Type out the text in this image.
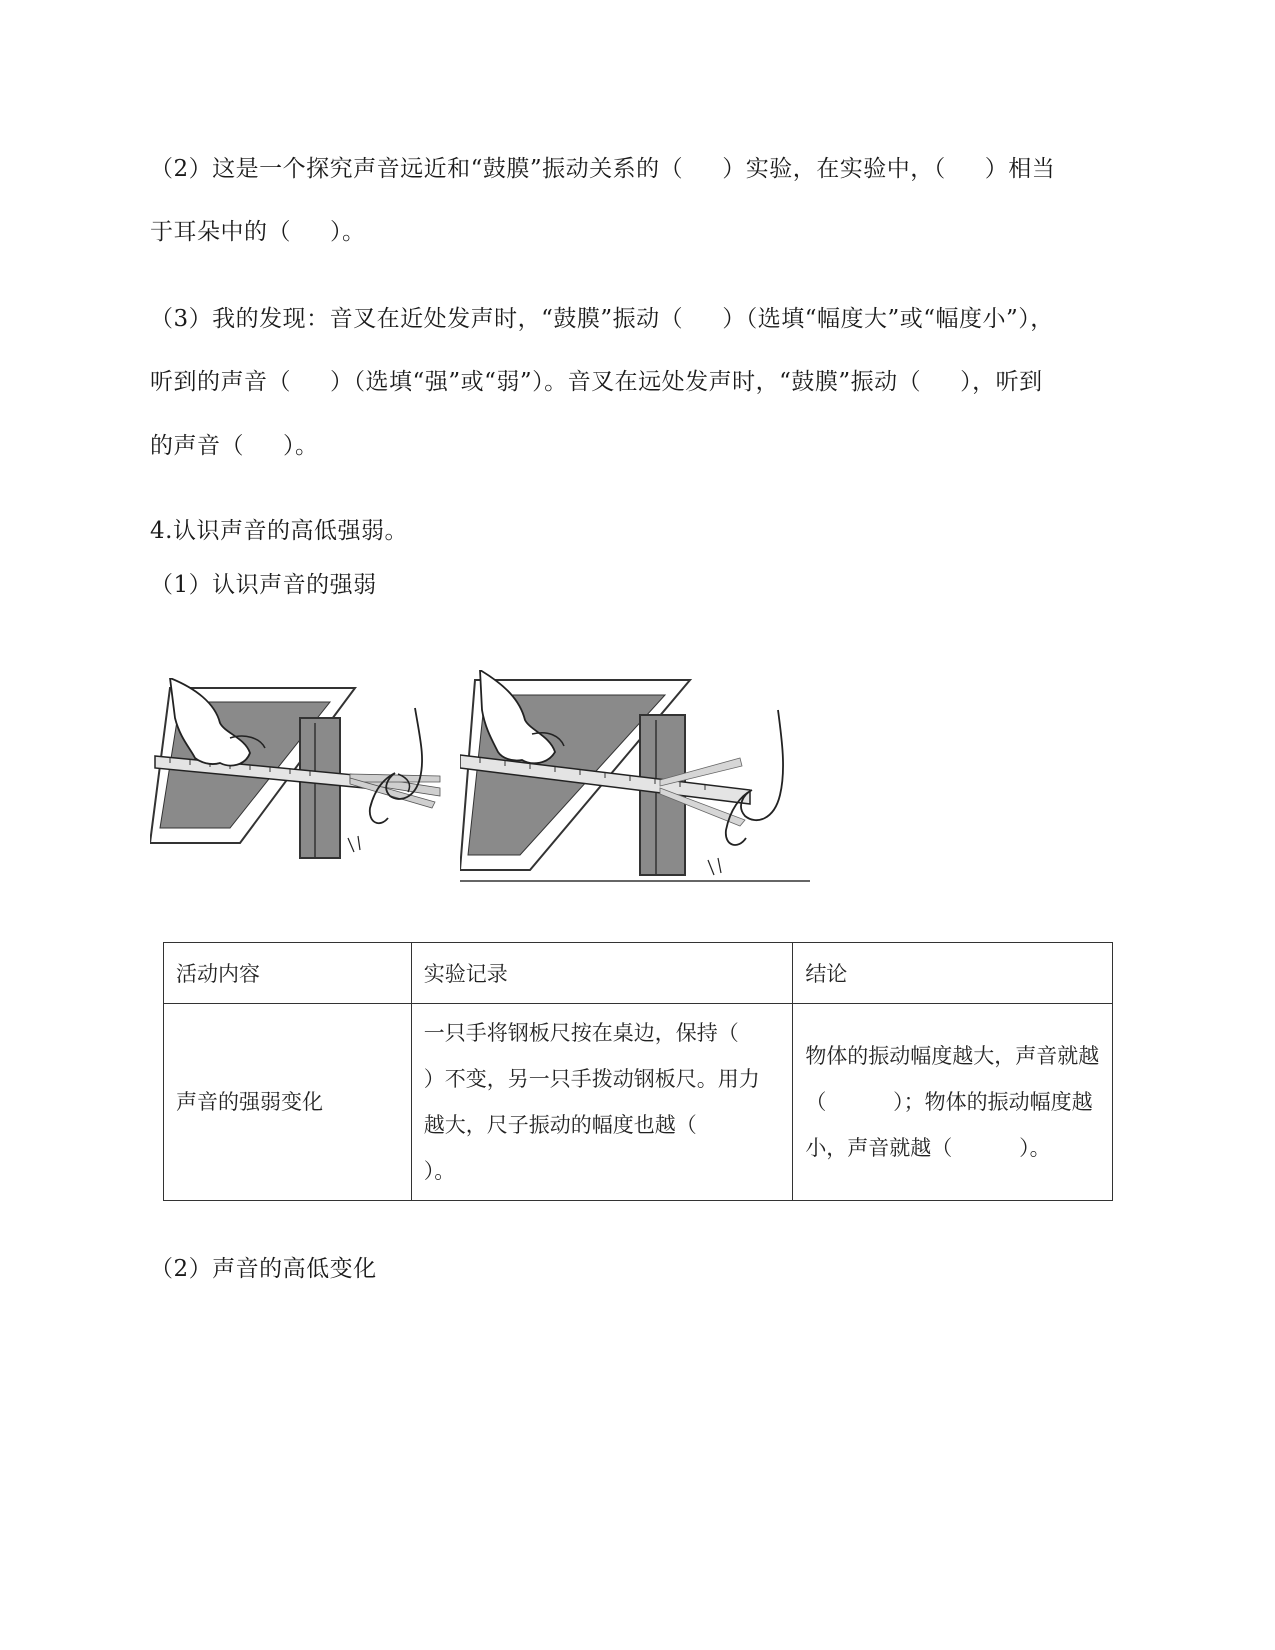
（2）这是一个探究声音远近和“鼓膜”振动关系的（     ）实验，在实验中，（     ）相当
于耳朵中的（     ）。
（3）我的发现：音叉在近处发声时，“鼓膜”振动（     ）（选填“幅度大”或“幅度小”），
听到的声音（     ）（选填“强”或“弱”）。音叉在远处发声时，“鼓膜”振动（     ），听到
的声音（     ）。
4.认识声音的高低强弱。
（1）认识声音的强弱
活动内容	实验记录	结论
声音的强弱变化	一只手将钢板尺按在桌边，保持（          ）不变，另一只手拨动钢板尺。用力越大，尺子振动的幅度也越（         ）。	物体的振动幅度越大，声音就越（          ）；物体的振动幅度越小，声音就越（          ）。
（2）声音的高低变化
